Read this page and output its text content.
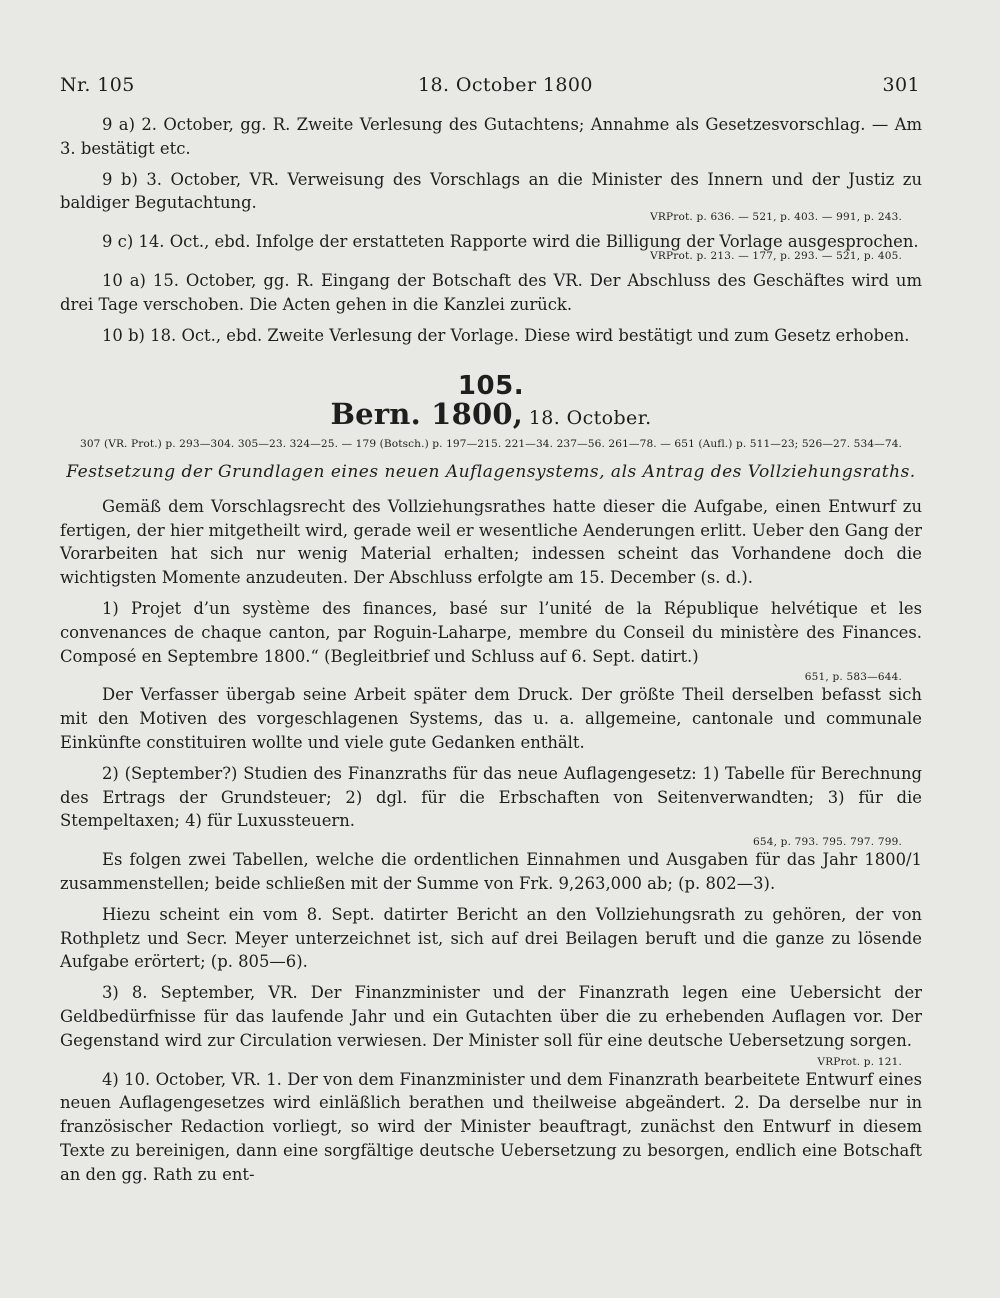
Nr. 105	18. October 1800	301

9 a) 2. October, gg. R. Zweite Verlesung des Gutachtens; Annahme als Gesetzesvorschlag. — Am 3. bestätigt etc.

9 b) 3. October, VR. Verweisung des Vorschlags an die Minister des Innern und der Justiz zu baldiger Begutachtung.

VRProt. p. 636. — 521, p. 403. — 991, p. 243.

9 c) 14. Oct., ebd. Infolge der erstatteten Rapporte wird die Billigung der Vorlage ausgesprochen.

VRProt. p. 213. — 177, p. 293. — 521, p. 405.

10 a) 15. October, gg. R. Eingang der Botschaft des VR. Der Abschluss des Geschäftes wird um drei Tage verschoben. Die Acten gehen in die Kanzlei zurück.

10 b) 18. Oct., ebd. Zweite Verlesung der Vorlage. Diese wird bestätigt und zum Gesetz erhoben.

105.
Bern. 1800, 18. October.
307 (VR. Prot.) p. 293—304. 305—23. 324—25. — 179 (Botsch.) p. 197—215. 221—34. 237—56. 261—78. — 651 (Aufl.) p. 511—23; 526—27. 534—74.
Festsetzung der Grundlagen eines neuen Auflagensystems, als Antrag des Vollziehungsraths.

Gemäß dem Vorschlagsrecht des Vollziehungsrathes hatte dieser die Aufgabe, einen Entwurf zu fertigen, der hier mitgetheilt wird, gerade weil er wesentliche Aenderungen erlitt. Ueber den Gang der Vorarbeiten hat sich nur wenig Material erhalten; indessen scheint das Vorhandene doch die wichtigsten Momente anzudeuten. Der Abschluss erfolgte am 15. December (s. d.).

1) Projet d’un système des finances, basé sur l’unité de la République helvétique et les convenances de chaque canton, par Roguin-Laharpe, membre du Conseil du ministère des Finances. Composé en Septembre 1800.“ (Begleitbrief und Schluss auf 6. Sept. datirt.)

651, p. 583—644.

Der Verfasser übergab seine Arbeit später dem Druck. Der größte Theil derselben befasst sich mit den Motiven des vorgeschlagenen Systems, das u. a. allgemeine, cantonale und communale Einkünfte constituiren wollte und viele gute Gedanken enthält.

2) (September?) Studien des Finanzraths für das neue Auflagengesetz: 1) Tabelle für Berechnung des Ertrags der Grundsteuer; 2) dgl. für die Erbschaften von Seitenverwandten; 3) für die Stempeltaxen; 4) für Luxussteuern.

654, p. 793. 795. 797. 799.

Es folgen zwei Tabellen, welche die ordentlichen Einnahmen und Ausgaben für das Jahr 1800/1 zusammenstellen; beide schließen mit der Summe von Frk. 9,263,000 ab; (p. 802—3).

Hiezu scheint ein vom 8. Sept. datirter Bericht an den Vollziehungsrath zu gehören, der von Rothpletz und Secr. Meyer unterzeichnet ist, sich auf drei Beilagen beruft und die ganze zu lösende Aufgabe erörtert; (p. 805—6).

3) 8. September, VR. Der Finanzminister und der Finanzrath legen eine Uebersicht der Geldbedürfnisse für das laufende Jahr und ein Gutachten über die zu erhebenden Auflagen vor. Der Gegenstand wird zur Circulation verwiesen. Der Minister soll für eine deutsche Uebersetzung sorgen.

VRProt. p. 121.

4) 10. October, VR. 1. Der von dem Finanzminister und dem Finanzrath bearbeitete Entwurf eines neuen Auflagengesetzes wird einläßlich berathen und theilweise abgeändert. 2. Da derselbe nur in französischer Redaction vorliegt, so wird der Minister beauftragt, zunächst den Entwurf in diesem Texte zu bereinigen, dann eine sorgfältige deutsche Uebersetzung zu besorgen, endlich eine Botschaft an den gg. Rath zu ent-
